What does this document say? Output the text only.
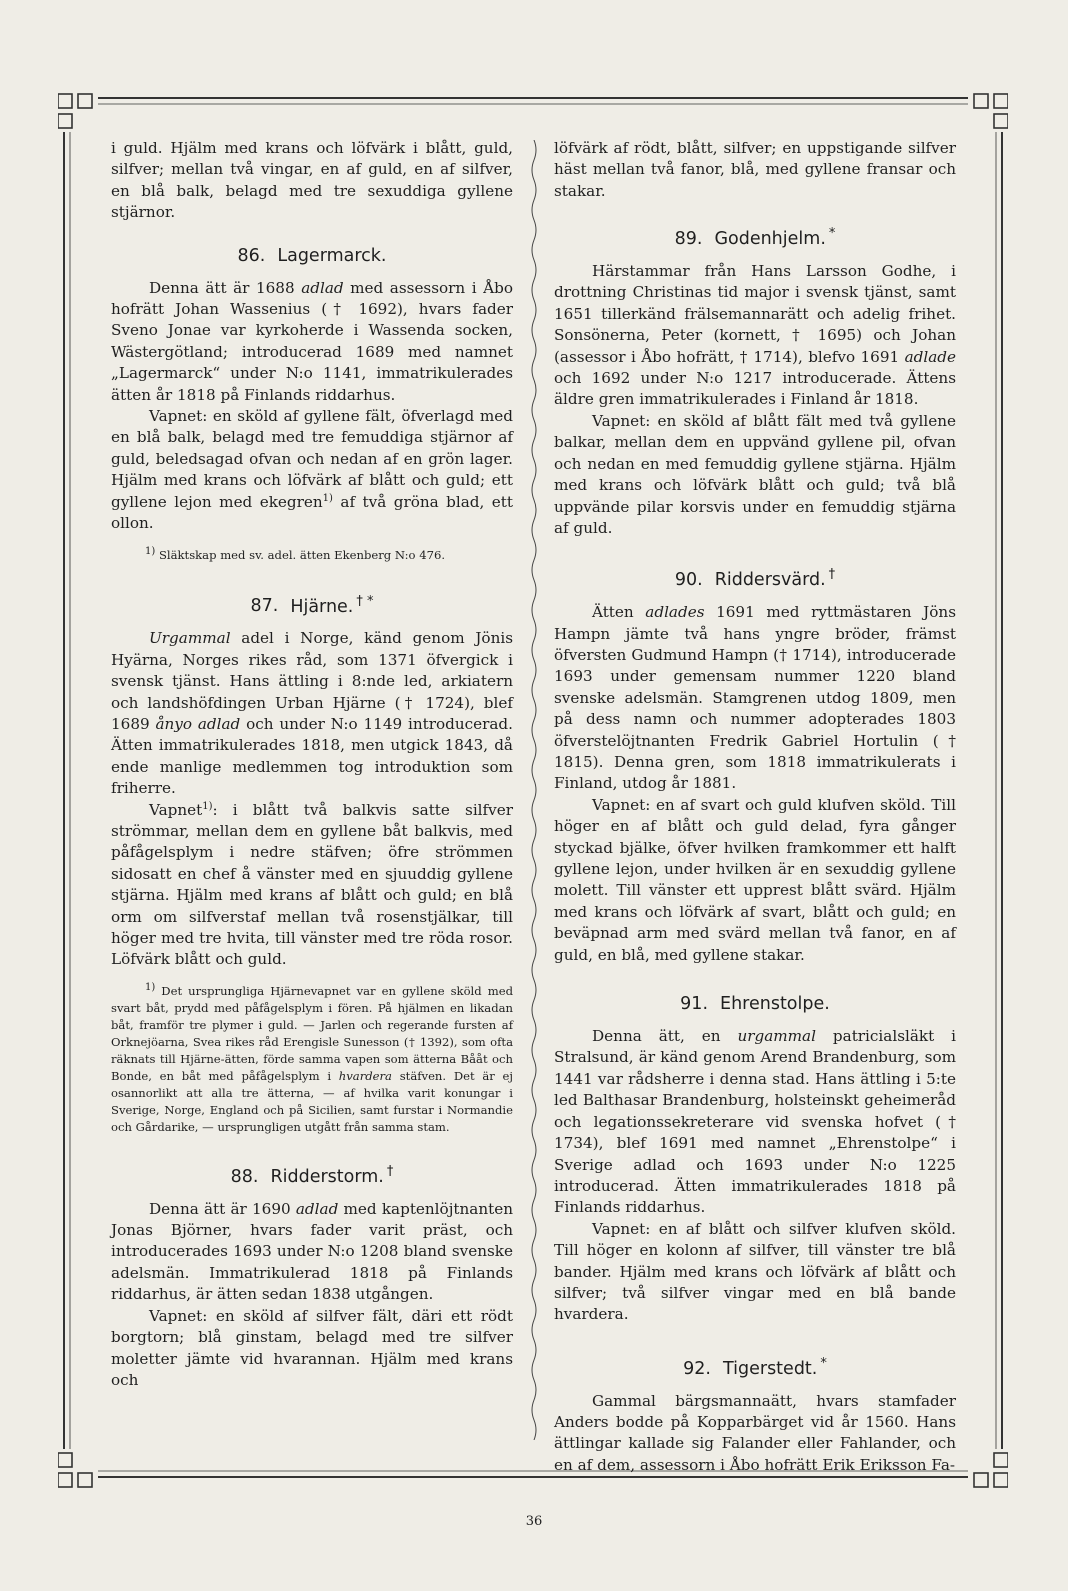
i guld. Hjälm med krans och löfvärk i blått, guld, silfver; mellan två vingar, en af guld, en af silfver, en blå balk, belagd med tre sexuddiga gyllene stjärnor.

86. Lagermarck.

Denna ätt är 1688 adlad med assessorn i Åbo hofrätt Johan Wassenius († 1692), hvars fader Sveno Jonae var kyrkoherde i Wassenda socken, Wästergötland; introducerad 1689 med namnet „Lagermarck“ under N:o 1141, immatrikulerades ätten år 1818 på Finlands riddarhus.

Vapnet: en sköld af gyllene fält, öfverlagd med en blå balk, belagd med tre femuddiga stjärnor af guld, beledsagad ofvan och nedan af en grön lager. Hjälm med krans och löfvärk af blått och guld; ett gyllene lejon med ekegren$^{1)}$ af två gröna blad, ett ollon.

$^{1)}$ Släktskap med sv. adel. ätten Ekenberg N:o 476.

87. Hjärne. † *

Urgammal adel i Norge, känd genom Jönis Hyärna, Norges rikes råd, som 1371 öfvergick i svensk tjänst. Hans ättling i 8:nde led, arkiatern och landshöfdingen Urban Hjärne († 1724), blef 1689 ånyo adlad och under N:o 1149 introducerad. Ätten immatrikulerades 1818, men utgick 1843, då ende manlige medlemmen tog introduktion som friherre.

Vapnet$^{1)}$: i blått två balkvis satte silfver strömmar, mellan dem en gyllene båt balkvis, med påfågelsplym i nedre stäfven; öfre strömmen sidosatt en chef å vänster med en sjuuddig gyllene stjärna. Hjälm med krans af blått och guld; en blå orm om silfverstaf mellan två rosenstjälkar, till höger med tre hvita, till vänster med tre röda rosor. Löfvärk blått och guld.

$^{1)}$ Det ursprungliga Hjärnevapnet var en gyllene sköld med svart båt, prydd med påfågelsplym i fören. På hjälmen en likadan båt, framför tre plymer i guld. — Jarlen och regerande fursten af Orknejöarna, Svea rikes råd Erengisle Sunesson († 1392), som ofta räknats till Hjärne-ätten, förde samma vapen som ätterna Bååt och Bonde, en båt med påfågelsplym i hvardera stäfven. Det är ej osannorlikt att alla tre ätterna, — af hvilka varit konungar i Sverige, Norge, England och på Sicilien, samt furstar i Normandie och Gårdarike, — ursprungligen utgått från samma stam.

88. Ridderstorm. †

Denna ätt är 1690 adlad med kaptenlöjtnanten Jonas Björner, hvars fader varit präst, och introducerades 1693 under N:o 1208 bland svenske adelsmän. Immatrikulerad 1818 på Finlands riddarhus, är ätten sedan 1838 utgången.

Vapnet: en sköld af silfver fält, däri ett rödt borgtorn; blå ginstam, belagd med tre silfver moletter jämte vid hvarannan. Hjälm med krans och

löfvärk af rödt, blått, silfver; en uppstigande silfver häst mellan två fanor, blå, med gyllene fransar och stakar.

89. Godenhjelm. *

Härstammar från Hans Larsson Godhe, i drottning Christinas tid major i svensk tjänst, samt 1651 tillerkänd frälsemannarätt och adelig frihet. Sonsönerna, Peter (kornett, † 1695) och Johan (assessor i Åbo hofrätt, † 1714), blefvo 1691 adlade och 1692 under N:o 1217 introducerade. Ättens äldre gren immatrikulerades i Finland år 1818.

Vapnet: en sköld af blått fält med två gyllene balkar, mellan dem en uppvänd gyllene pil, ofvan och nedan en med femuddig gyllene stjärna. Hjälm med krans och löfvärk blått och guld; två blå uppvände pilar korsvis under en femuddig stjärna af guld.

90. Riddersvärd. †

Ätten adlades 1691 med ryttmästaren Jöns Hampn jämte två hans yngre bröder, främst öfversten Gudmund Hampn († 1714), introducerade 1693 under gemensam nummer 1220 bland svenske adelsmän. Stamgrenen utdog 1809, men på dess namn och nummer adopterades 1803 öfverstelöjtnanten Fredrik Gabriel Hortulin († 1815). Denna gren, som 1818 immatrikulerats i Finland, utdog år 1881.

Vapnet: en af svart och guld klufven sköld. Till höger en af blått och guld delad, fyra gånger styckad bjälke, öfver hvilken framkommer ett halft gyllene lejon, under hvilken är en sexuddig gyllene molett. Till vänster ett upprest blått svärd. Hjälm med krans och löfvärk af svart, blått och guld; en beväpnad arm med svärd mellan två fanor, en af guld, en blå, med gyllene stakar.

91. Ehrenstolpe.

Denna ätt, en urgammal patricialsläkt i Stralsund, är känd genom Arend Brandenburg, som 1441 var rådsherre i denna stad. Hans ättling i 5:te led Balthasar Brandenburg, holsteinskt geheimeråd och legationssekreterare vid svenska hofvet († 1734), blef 1691 med namnet „Ehrenstolpe“ i Sverige adlad och 1693 under N:o 1225 introducerad. Ätten immatrikulerades 1818 på Finlands riddarhus.

Vapnet: en af blått och silfver klufven sköld. Till höger en kolonn af silfver, till vänster tre blå bander. Hjälm med krans och löfvärk af blått och silfver; två silfver vingar med en blå bande hvardera.

92. Tigerstedt. *

Gammal bärgsmannaätt, hvars stamfader Anders bodde på Kopparbärget vid år 1560. Hans ättlingar kallade sig Falander eller Fahlander, och en af dem, assessorn i Åbo hofrätt Erik Eriksson Fa-

36
